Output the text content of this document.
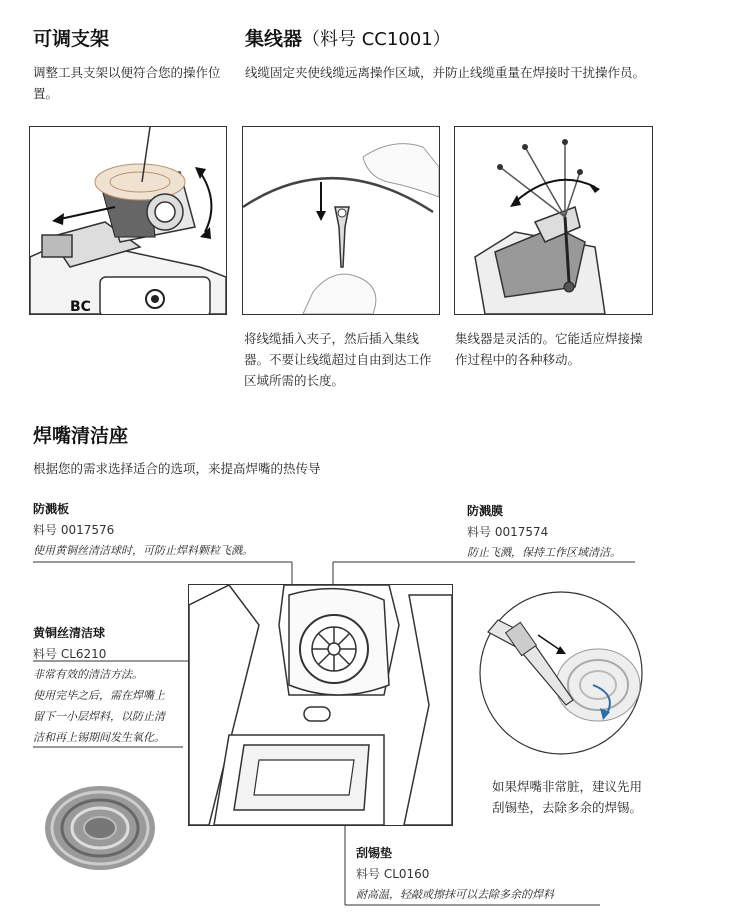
可调支架
调整工具支架以便符合您的操作位置。
集线器（料号 CC1001）
线缆固定夹使线缆远离操作区域，并防止线缆重量在焊接时干扰操作员。
BC
将线缆插入夹子，然后插入集线器。不要让线缆超过自由到达工作区域所需的长度。
集线器是灵活的。它能适应焊接操作过程中的各种移动。
焊嘴清洁座
根据您的需求选择适合的选项，来提高焊嘴的热传导
防溅板
料号 0017576
使用黄铜丝清洁球时，可防止焊料颗粒飞溅。
防溅膜
料号 0017574
防止飞溅，保持工作区域清洁。
黄铜丝清洁球
料号 CL6210
非常有效的清洁方法。
使用完毕之后，需在焊嘴上
留下一小层焊料，以防止清
洁和再上锡期间发生氧化。
如果焊嘴非常脏，建议先用刮锡垫，去除多余的焊锡。
刮锡垫
料号 CL0160
耐高温，轻敲或擦抹可以去除多余的焊料
